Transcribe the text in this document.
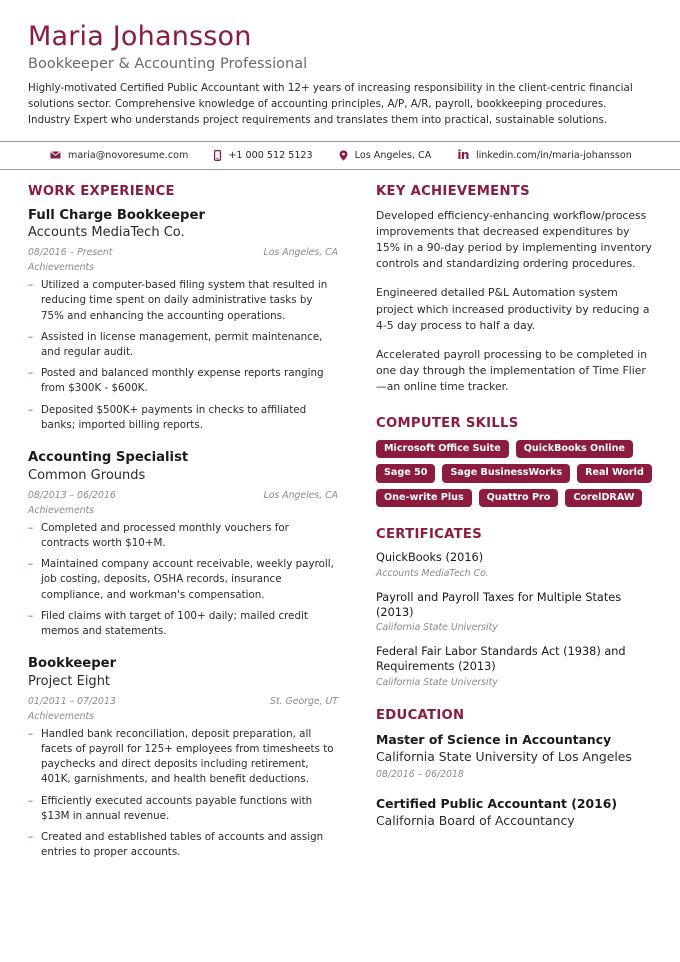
Maria Johansson
Bookkeeper & Accounting Professional
Highly-motivated Certified Public Accountant with 12+ years of increasing responsibility in the client-centric financial solutions sector. Comprehensive knowledge of accounting principles, A/P, A/R, payroll, bookkeeping procedures. Industry Expert who understands project requirements and translates them into practical, sustainable solutions.
maria@novoresume.com	+1 000 512 5123	Los Angeles, CA in linkedin.com/in/maria-johansson
WORK EXPERIENCE
Full Charge Bookkeeper
Accounts MediaTech Co.
08/2016 – Present	Los Angeles, CA
Achievements
– Utilized a computer-based filing system that resulted in reducing time spent on daily administrative tasks by 75% and enhancing the accounting operations.
– Assisted in license management, permit maintenance, and regular audit.
– Posted and balanced monthly expense reports ranging from $300K - $600K.
– Deposited $500K+ payments in checks to affiliated banks; imported billing reports.
Accounting Specialist
Common Grounds
08/2013 – 06/2016	Los Angeles, CA
Achievements
– Completed and processed monthly vouchers for contracts worth $10+M.
– Maintained company account receivable, weekly payroll, job costing, deposits, OSHA records, insurance compliance, and workman's compensation.
– Filed claims with target of 100+ daily; mailed credit memos and statements.
Bookkeeper
Project Eight
01/2011 – 07/2013	St. George, UT
Achievements
– Handled bank reconciliation, deposit preparation, all facets of payroll for 125+ employees from timesheets to paychecks and direct deposits including retirement, 401K, garnishments, and health benefit deductions.
– Efficiently executed accounts payable functions with $13M in annual revenue.
– Created and established tables of accounts and assign entries to proper accounts.
KEY ACHIEVEMENTS
Developed efficiency-enhancing workflow/process improvements that decreased expenditures by 15% in a 90-day period by implementing inventory controls and standardizing ordering procedures.
Engineered detailed P&L Automation system project which increased productivity by reducing a 4-5 day process to half a day.
Accelerated payroll processing to be completed in one day through the implementation of Time Flier—an online time tracker.
COMPUTER SKILLS
Microsoft Office Suite	QuickBooks Online
Sage 50	Sage BusinessWorks	Real World
One-write Plus	Quattro Pro	CorelDRAW
CERTIFICATES
QuickBooks (2016)
Accounts MediaTech Co.
Payroll and Payroll Taxes for Multiple States (2013)
California State University
Federal Fair Labor Standards Act (1938) and Requirements (2013)
California State University
EDUCATION
Master of Science in Accountancy
California State University of Los Angeles
08/2016 – 06/2018
Certified Public Accountant (2016)
California Board of Accountancy
